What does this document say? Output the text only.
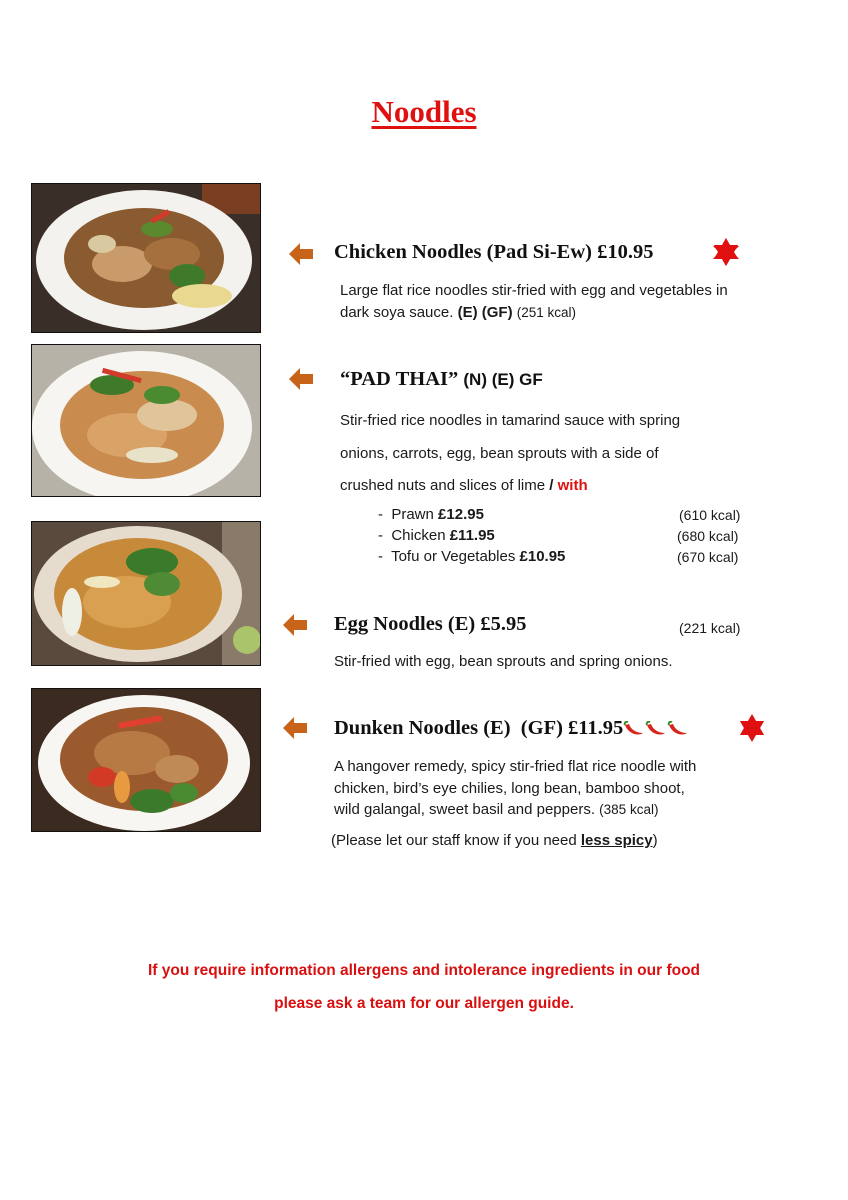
Noodles
Chicken Noodles (Pad Si-Ew) £10.95
Large flat rice noodles stir-fried with egg and vegetables in dark soya sauce. (E) (GF) (251 kcal)
“PAD THAI” (N) (E) GF
Stir-fried rice noodles in tamarind sauce with spring
onions, carrots, egg, bean sprouts with a side of
crushed nuts and slices of lime / with
- Prawn £12.95	(610 kcal)
- Chicken £11.95	(680 kcal)
- Tofu or Vegetables £10.95	(670 kcal)
Egg Noodles (E) £5.95	(221 kcal)
Stir-fried with egg, bean sprouts and spring onions.
Dunken Noodles (E)  (GF) £11.95
A hangover remedy, spicy stir-fried flat rice noodle with
chicken, bird’s eye chilies, long bean, bamboo shoot,
wild galangal, sweet basil and peppers. (385 kcal)
(Please let our staff know if you need less spicy)
If you require information allergens and intolerance ingredients in our food
please ask a team for our allergen guide.
